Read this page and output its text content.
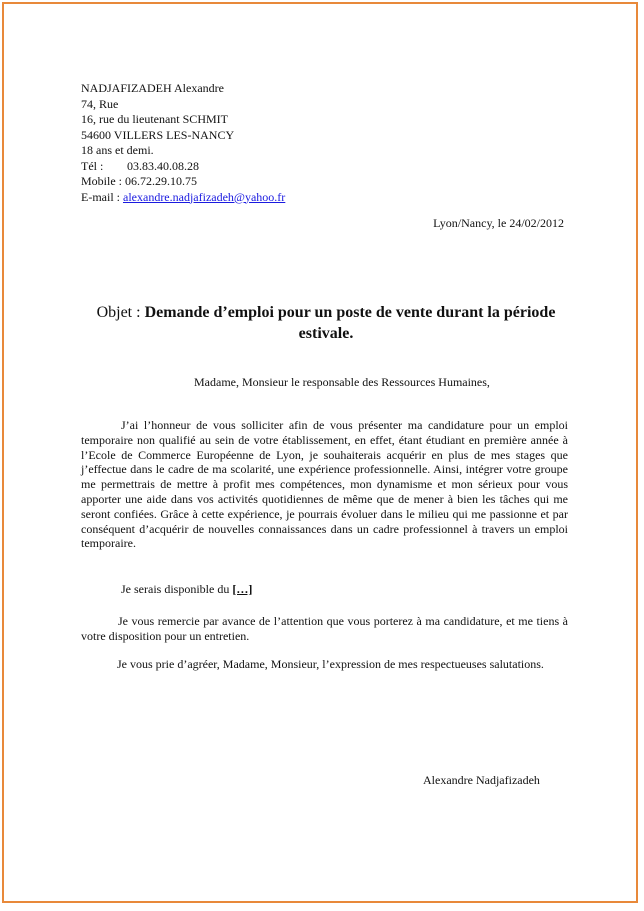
NADJAFIZADEH Alexandre
74, Rue
16, rue du lieutenant SCHMIT
54600 VILLERS LES-NANCY
18 ans et demi.
Tél : 03.83.40.08.28
Mobile : 06.72.29.10.75
E-mail : alexandre.nadjafizadeh@yahoo.fr
Lyon/Nancy, le 24/02/2012
Objet : Demande d’emploi pour un poste de vente durant la période estivale.
Madame, Monsieur le responsable des Ressources Humaines,

J’ai l’honneur de vous solliciter afin de vous présenter ma candidature pour un emploi temporaire non qualifié au sein de votre établissement, en effet, étant étudiant en première année à l’Ecole de Commerce Européenne de Lyon, je souhaiterais acquérir en plus de mes stages que j’effectue dans le cadre de ma scolarité, une expérience professionnelle. Ainsi, intégrer votre groupe me permettrais de mettre à profit mes compétences, mon dynamisme et mon sérieux pour vous apporter une aide dans vos activités quotidiennes de même que de mener à bien les tâches qui me seront confiées. Grâce à cette expérience, je pourrais évoluer dans le milieu qui me passionne et par conséquent d’acquérir de nouvelles connaissances dans un cadre professionnel à travers un emploi temporaire.

Je serais disponible du […]

Je vous remercie par avance de l’attention que vous porterez à ma candidature, et me tiens à votre disposition pour un entretien.

Je vous prie d’agréer, Madame, Monsieur, l’expression de mes respectueuses salutations.

Alexandre Nadjafizadeh
